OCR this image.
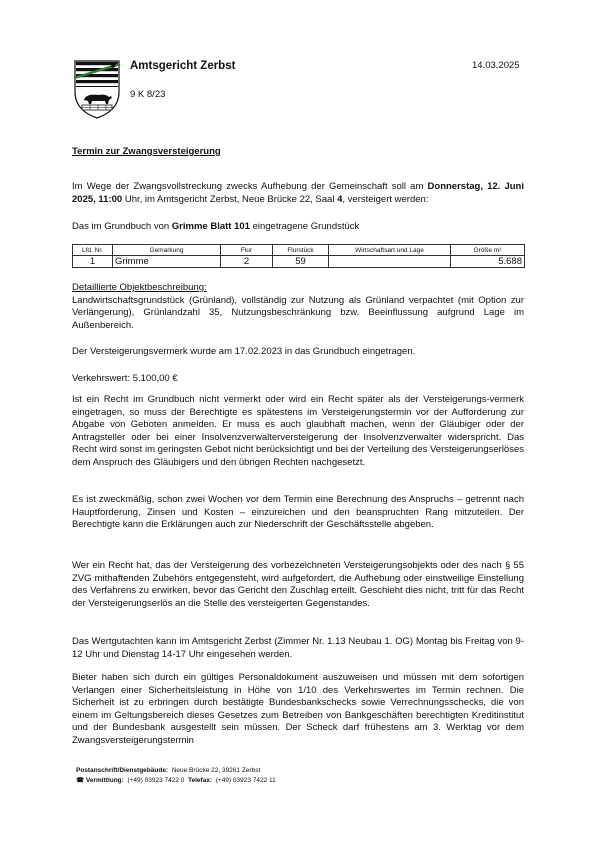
Amtsgericht Zerbst
9 K 8/23
14.03.2025
Termin zur Zwangsversteigerung
Im Wege der Zwangsvollstreckung zwecks Aufhebung der Gemeinschaft soll am Donnerstag, 12. Juni 2025, 11:00 Uhr, im Amtsgericht Zerbst, Neue Brücke 22, Saal 4, versteigert werden:
Das im Grundbuch von Grimme Blatt 101 eingetragene Grundstück
Lfd. Nr.	Gemarkung	Flur	Flurstück	Wirtschaftsart und Lage	Größe m²
1	Grimme	2	59		5.688
Detaillierte Objektbeschreibung:
Landwirtschaftsgrundstück (Grünland), vollständig zur Nutzung als Grünland verpachtet (mit Option zur Verlängerung), Grünlandzahl 35, Nutzungsbeschränkung bzw. Beeinflussung aufgrund Lage im Außenbereich.
Der Versteigerungsvermerk wurde am 17.02.2023 in das Grundbuch eingetragen.
Verkehrswert: 5.100,00 €
Ist ein Recht im Grundbuch nicht vermerkt oder wird ein Recht später als der Versteigerungs-vermerk eingetragen, so muss der Berechtigte es spätestens im Versteigerungstermin vor der Aufforderung zur Abgabe von Geboten anmelden. Er muss es auch glaubhaft machen, wenn der Gläubiger oder der Antragsteller oder bei einer Insolvenzverwalterversteigerung der Insolvenzverwalter widerspricht. Das Recht wird sonst im geringsten Gebot nicht berücksichtigt und bei der Verteilung des Versteigerungserlöses dem Anspruch des Gläubigers und den übrigen Rechten nachgesetzt.
Es ist zweckmäßig, schon zwei Wochen vor dem Termin eine Berechnung des Anspruchs – getrennt nach Hauptforderung, Zinsen und Kosten – einzureichen und den beanspruchten Rang mitzuteilen. Der Berechtigte kann die Erklärungen auch zur Niederschrift der Geschäftsstelle abgeben.
Wer ein Recht hat, das der Versteigerung des vorbezeichneten Versteigerungsobjekts oder des nach § 55 ZVG mithaftenden Zubehörs entgegensteht, wird aufgefordert, die Aufhebung oder einstweilige Einstellung des Verfahrens zu erwirken, bevor das Gericht den Zuschlag erteilt. Geschieht dies nicht, tritt für das Recht der Versteigerungserlös an die Stelle des versteigerten Gegenstandes.
Das Wertgutachten kann im Amtsgericht Zerbst (Zimmer Nr. 1.13 Neubau 1. OG) Montag bis Freitag von 9-12 Uhr und Dienstag 14-17 Uhr eingesehen werden.
Bieter haben sich durch ein gültiges Personaldokument auszuweisen und müssen mit dem sofortigen Verlangen einer Sicherheitsleistung in Höhe von 1/10 des Verkehrswertes im Termin rechnen. Die Sicherheit ist zu erbringen durch bestätigte Bundesbankschecks sowie Verrechnungsschecks, die von einem im Geltungsbereich dieses Gesetzes zum Betreiben von Bankgeschäften berechtigten Kreditinstitut und der Bundesbank ausgestellt sein müssen. Der Scheck darf frühestens am 3. Werktag vor dem Zwangsversteigerungstermin
Postanschrift/Dienstgebäude: Neue Brücke 22, 39261 Zerbst
☎ Vermittlung: (+49) 03923 7422 0 Telefax: (+49) 03923 7422 11
